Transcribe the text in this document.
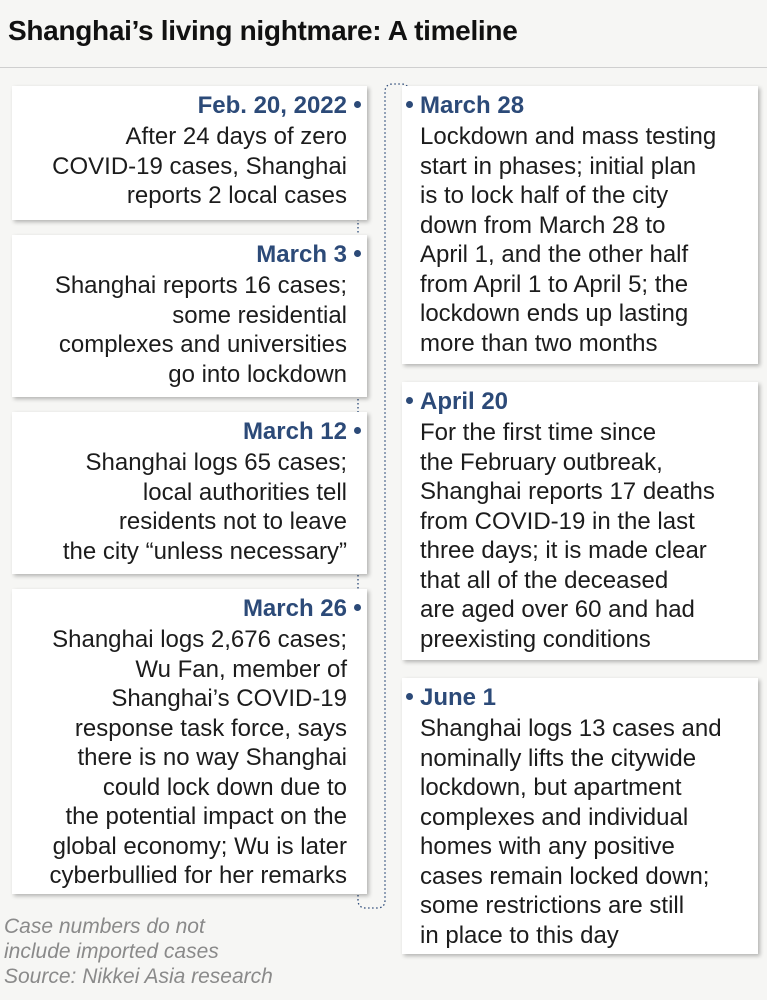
Shanghai’s living nightmare: A timeline
Feb. 20, 2022
After 24 days of zero
COVID-19 cases, Shanghai
reports 2 local cases
March 3
Shanghai reports 16 cases;
some residential
complexes and universities
go into lockdown
March 12
Shanghai logs 65 cases;
local authorities tell
residents not to leave
the city “unless necessary”
March 26
Shanghai logs 2,676 cases;
Wu Fan, member of
Shanghai’s COVID-19
response task force, says
there is no way Shanghai
could lock down due to
the potential impact on the
global economy; Wu is later
cyberbullied for her remarks
March 28
Lockdown and mass testing
start in phases; initial plan
is to lock half of the city
down from March 28 to
April 1, and the other half
from April 1 to April 5; the
lockdown ends up lasting
more than two months
April 20
For the first time since
the February outbreak,
Shanghai reports 17 deaths
from COVID-19 in the last
three days; it is made clear
that all of the deceased
are aged over 60 and had
preexisting conditions
June 1
Shanghai logs 13 cases and
nominally lifts the citywide
lockdown, but apartment
complexes and individual
homes with any positive
cases remain locked down;
some restrictions are still
in place to this day
Case numbers do not
include imported cases
Source: Nikkei Asia research
